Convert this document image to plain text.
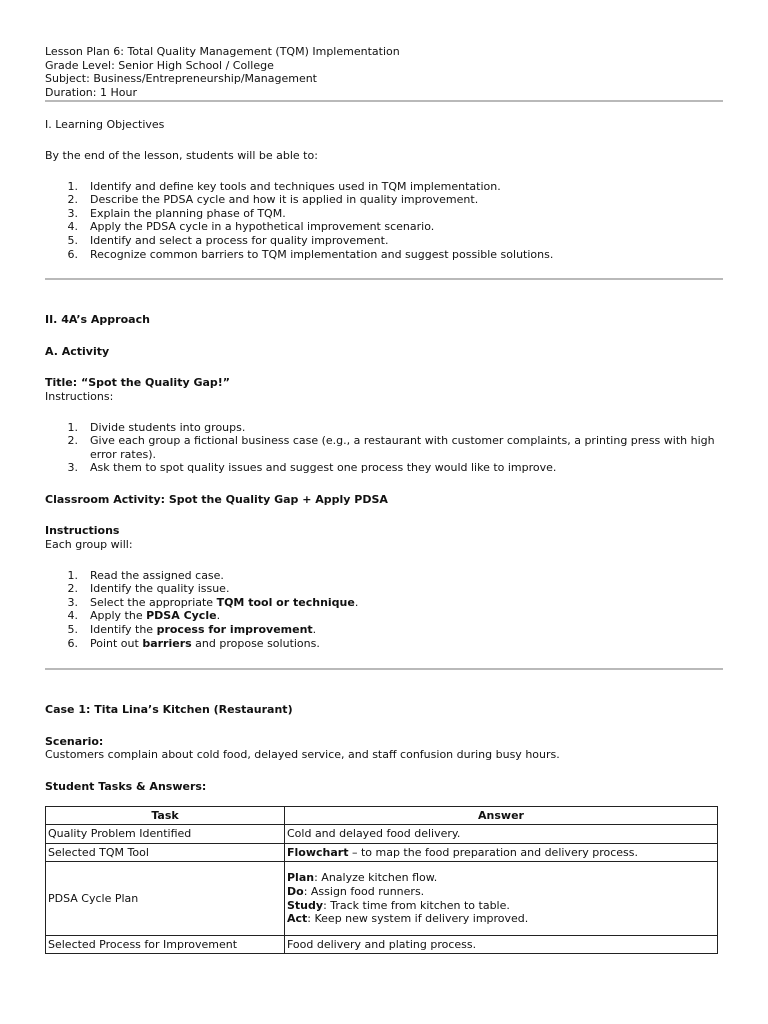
Lesson Plan 6: Total Quality Management (TQM) Implementation

Grade Level: Senior High School / College

Subject: Business/Entrepreneurship/Management

Duration: 1 Hour

I. Learning Objectives

By the end of the lesson, students will be able to:

1. Identify and define key tools and techniques used in TQM implementation.
2. Describe the PDSA cycle and how it is applied in quality improvement.
3. Explain the planning phase of TQM.
4. Apply the PDSA cycle in a hypothetical improvement scenario.
5. Identify and select a process for quality improvement.
6. Recognize common barriers to TQM implementation and suggest possible solutions.

II. 4A’s Approach

A. Activity

Title: “Spot the Quality Gap!”

Instructions:

1. Divide students into groups.
2. Give each group a fictional business case (e.g., a restaurant with customer complaints, a printing press with high error rates).
3. Ask them to spot quality issues and suggest one process they would like to improve.

Classroom Activity: Spot the Quality Gap + Apply PDSA

Instructions

Each group will:

1. Read the assigned case.
2. Identify the quality issue.
3. Select the appropriate TQM tool or technique.
4. Apply the PDSA Cycle.
5. Identify the process for improvement.
6. Point out barriers and propose solutions.

Case 1: Tita Lina’s Kitchen (Restaurant)

Scenario:

Customers complain about cold food, delayed service, and staff confusion during busy hours.

Student Tasks & Answers:

Task	Answer
Quality Problem Identified	Cold and delayed food delivery.
Selected TQM Tool	Flowchart – to map the food preparation and delivery process.
PDSA Cycle Plan	Plan: Analyze kitchen flow.
Do: Assign food runners.
Study: Track time from kitchen to table.
Act: Keep new system if delivery improved.

Selected Process for Improvement	Food delivery and plating process.
